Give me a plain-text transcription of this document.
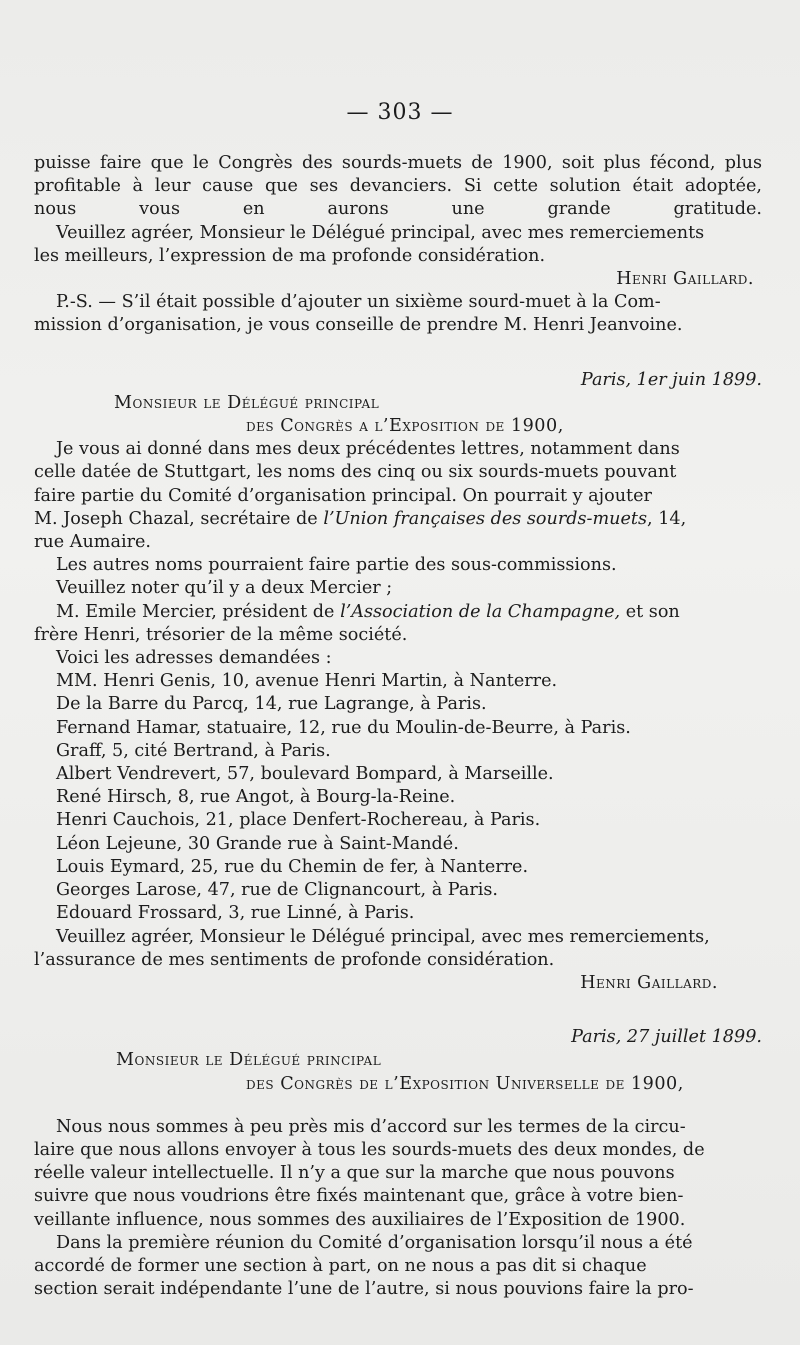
— 303 —

puisse faire que le Congrès des sourds-muets de 1900, soit plus fécond, plus
profitable à leur cause que ses devanciers. Si cette solution était adoptée,
nous vous en aurons une grande gratitude.

Veuillez agréer, Monsieur le Délégué principal, avec mes remerciements
les meilleurs, l’expression de ma profonde considération.

Henri Gaillard.

P.-S. — S’il était possible d’ajouter un sixième sourd-muet à la Com-
mission d’organisation, je vous conseille de prendre M. Henri Jeanvoine.

Paris, 1er juin 1899.

Monsieur le Délégué principal

des Congrès a l’Exposition de 1900,

Je vous ai donné dans mes deux précédentes lettres, notamment dans
celle datée de Stuttgart, les noms des cinq ou six sourds-muets pouvant
faire partie du Comité d’organisation principal. On pourrait y ajouter
M. Joseph Chazal, secrétaire de l’Union françaises des sourds-muets, 14,
rue Aumaire.

Les autres noms pourraient faire partie des sous-commissions.

Veuillez noter qu’il y a deux Mercier ;

M. Emile Mercier, président de l’Association de la Champagne, et son
frère Henri, trésorier de la même société.

Voici les adresses demandées :

MM. Henri Genis, 10, avenue Henri Martin, à Nanterre.

De la Barre du Parcq, 14, rue Lagrange, à Paris.

Fernand Hamar, statuaire, 12, rue du Moulin-de-Beurre, à Paris.

Graff, 5, cité Bertrand, à Paris.

Albert Vendrevert, 57, boulevard Bompard, à Marseille.

René Hirsch, 8, rue Angot, à Bourg-la-Reine.

Henri Cauchois, 21, place Denfert-Rochereau, à Paris.

Léon Lejeune, 30 Grande rue à Saint-Mandé.

Louis Eymard, 25, rue du Chemin de fer, à Nanterre.

Georges Larose, 47, rue de Clignancourt, à Paris.

Edouard Frossard, 3, rue Linné, à Paris.

Veuillez agréer, Monsieur le Délégué principal, avec mes remerciements,
l’assurance de mes sentiments de profonde considération.

Henri Gaillard.

Paris, 27 juillet 1899.

Monsieur le Délégué principal

des Congrès de l’Exposition Universelle de 1900,

Nous nous sommes à peu près mis d’accord sur les termes de la circu-
laire que nous allons envoyer à tous les sourds-muets des deux mondes, de
réelle valeur intellectuelle. Il n’y a que sur la marche que nous pouvons
suivre que nous voudrions être fixés maintenant que, grâce à votre bien-
veillante influence, nous sommes des auxiliaires de l’Exposition de 1900.

Dans la première réunion du Comité d’organisation lorsqu’il nous a été
accordé de former une section à part, on ne nous a pas dit si chaque
section serait indépendante l’une de l’autre, si nous pouvions faire la pro-
